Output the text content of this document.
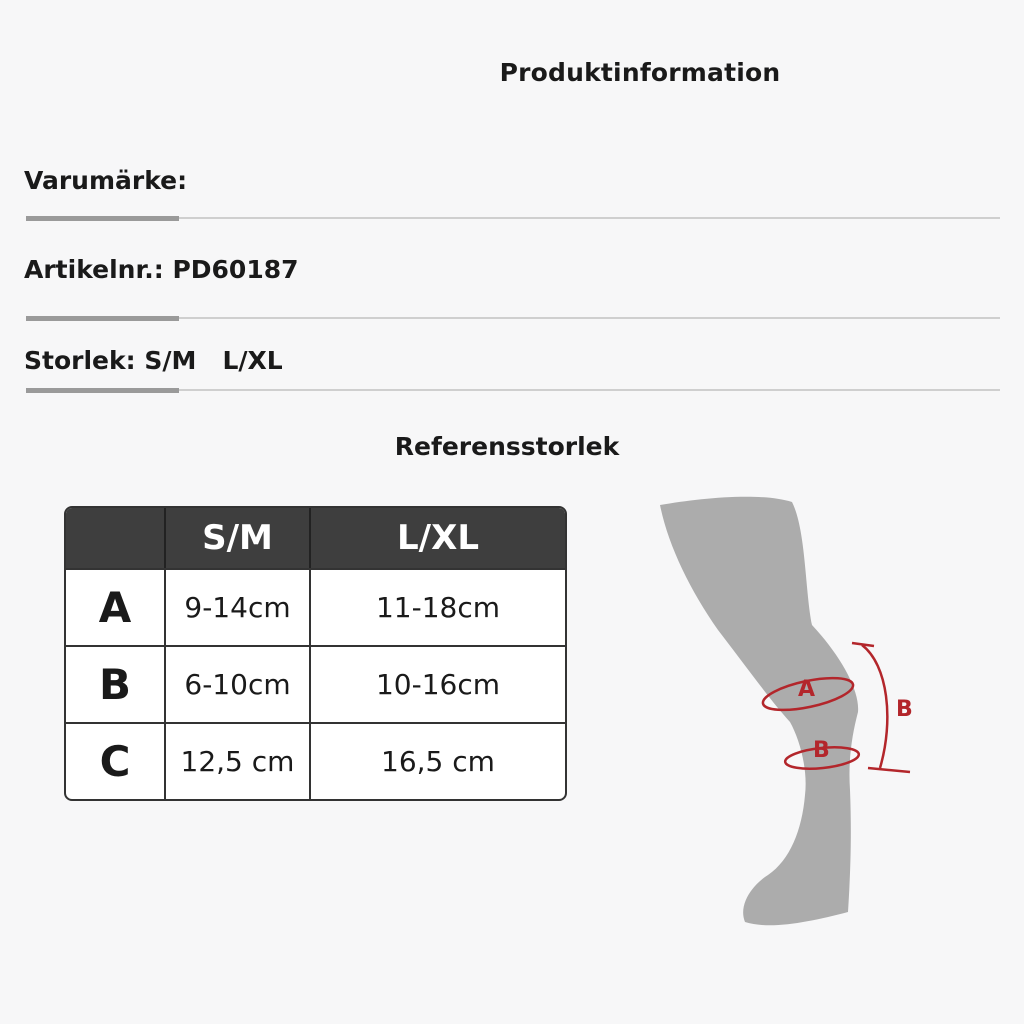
Produktinformation
Varumärke:
Artikelnr.: PD60187
Storlek: S/M   L/XL
Referensstorlek
	S/M	L/XL
A	9-14cm	11-18cm
B	6-10cm	10-16cm
C	12,5 cm	16,5 cm
A
B
B
